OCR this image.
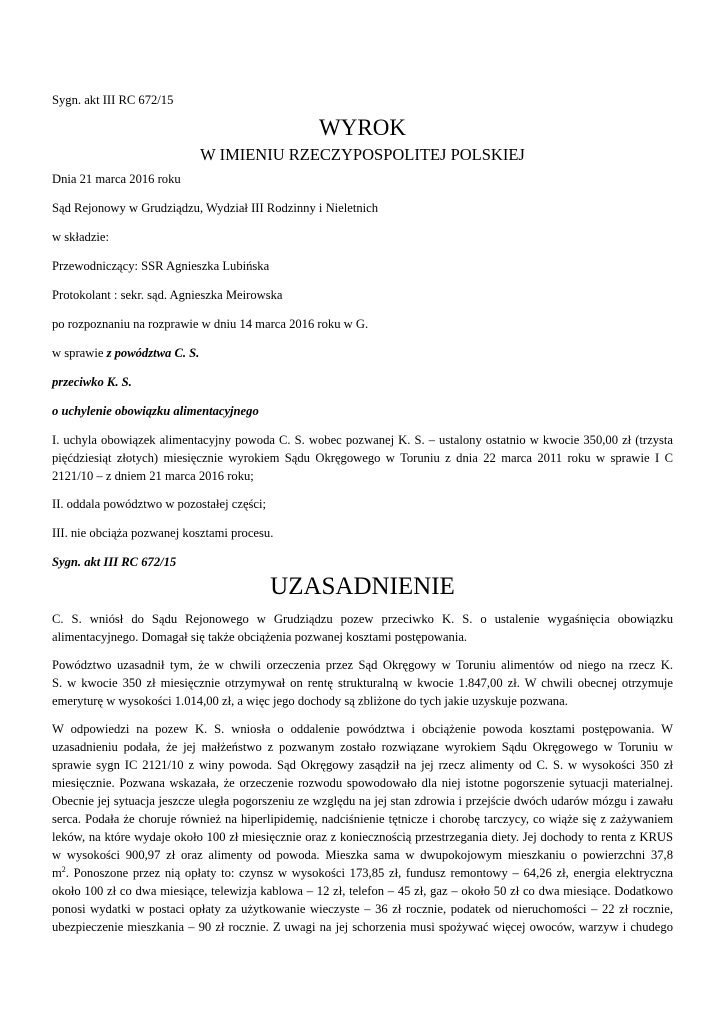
Sygn. akt III RC 672/15
WYROK
W IMIENIU RZECZYPOSPOLITEJ POLSKIEJ
Dnia 21 marca 2016 roku
Sąd Rejonowy w Grudziądzu, Wydział III Rodzinny i Nieletnich
w składzie:
Przewodniczący: SSR Agnieszka Lubińska
Protokolant : sekr. sąd. Agnieszka Meirowska
po rozpoznaniu na rozprawie w dniu 14 marca 2016 roku w G.
w sprawie z powództwa C. S.
przeciwko K. S.
o uchylenie obowiązku alimentacyjnego
I. uchyla obowiązek alimentacyjny powoda C. S. wobec pozwanej K. S. – ustalony ostatnio w kwocie 350,00 zł (trzysta
pięćdziesiąt złotych) miesięcznie wyrokiem Sądu Okręgowego w Toruniu z dnia 22 marca 2011 roku w sprawie I C
2121/10 – z dniem 21 marca 2016 roku;
II. oddala powództwo w pozostałej części;
III. nie obciąża pozwanej kosztami procesu.
Sygn. akt III RC 672/15
UZASADNIENIE
C. S. wniósł do Sądu Rejonowego w Grudziądzu pozew przeciwko K. S. o ustalenie wygaśnięcia obowiązku
alimentacyjnego. Domagał się także obciążenia pozwanej kosztami postępowania.
Powództwo uzasadnił tym, że w chwili orzeczenia przez Sąd Okręgowy w Toruniu alimentów od niego na rzecz K.
S. w kwocie 350 zł miesięcznie otrzymywał on rentę strukturalną w kwocie 1.847,00 zł. W chwili obecnej otrzymuje
emeryturę w wysokości 1.014,00 zł, a więc jego dochody są zbliżone do tych jakie uzyskuje pozwana.
W odpowiedzi na pozew K. S. wniosła o oddalenie powództwa i obciążenie powoda kosztami postępowania. W
uzasadnieniu podała, że jej małżeństwo z pozwanym zostało rozwiązane wyrokiem Sądu Okręgowego w Toruniu w
sprawie sygn IC 2121/10 z winy powoda. Sąd Okręgowy zasądził na jej rzecz alimenty od C. S. w wysokości 350 zł
miesięcznie. Pozwana wskazała, że orzeczenie rozwodu spowodowało dla niej istotne pogorszenie sytuacji materialnej.
Obecnie jej sytuacja jeszcze uległa pogorszeniu ze względu na jej stan zdrowia i przejście dwóch udarów mózgu i zawału
serca. Podała że choruje również na hiperlipidemię, nadciśnienie tętnicze i chorobę tarczycy, co wiąże się z zażywaniem
leków, na które wydaje około 100 zł miesięcznie oraz z koniecznością przestrzegania diety. Jej dochody to renta z KRUS
w wysokości 900,97 zł oraz alimenty od powoda. Mieszka sama w dwupokojowym mieszkaniu o powierzchni 37,8
$m^2$. Ponoszone przez nią opłaty to: czynsz w wysokości 173,85 zł, fundusz remontowy – 64,26 zł, energia elektryczna
około 100 zł co dwa miesiące, telewizja kablowa – 12 zł, telefon – 45 zł, gaz – około 50 zł co dwa miesiące. Dodatkowo
ponosi wydatki w postaci opłaty za użytkowanie wieczyste – 36 zł rocznie, podatek od nieruchomości – 22 zł rocznie,
ubezpieczenie mieszkania – 90 zł rocznie. Z uwagi na jej schorzenia musi spożywać więcej owoców, warzyw i chudego
